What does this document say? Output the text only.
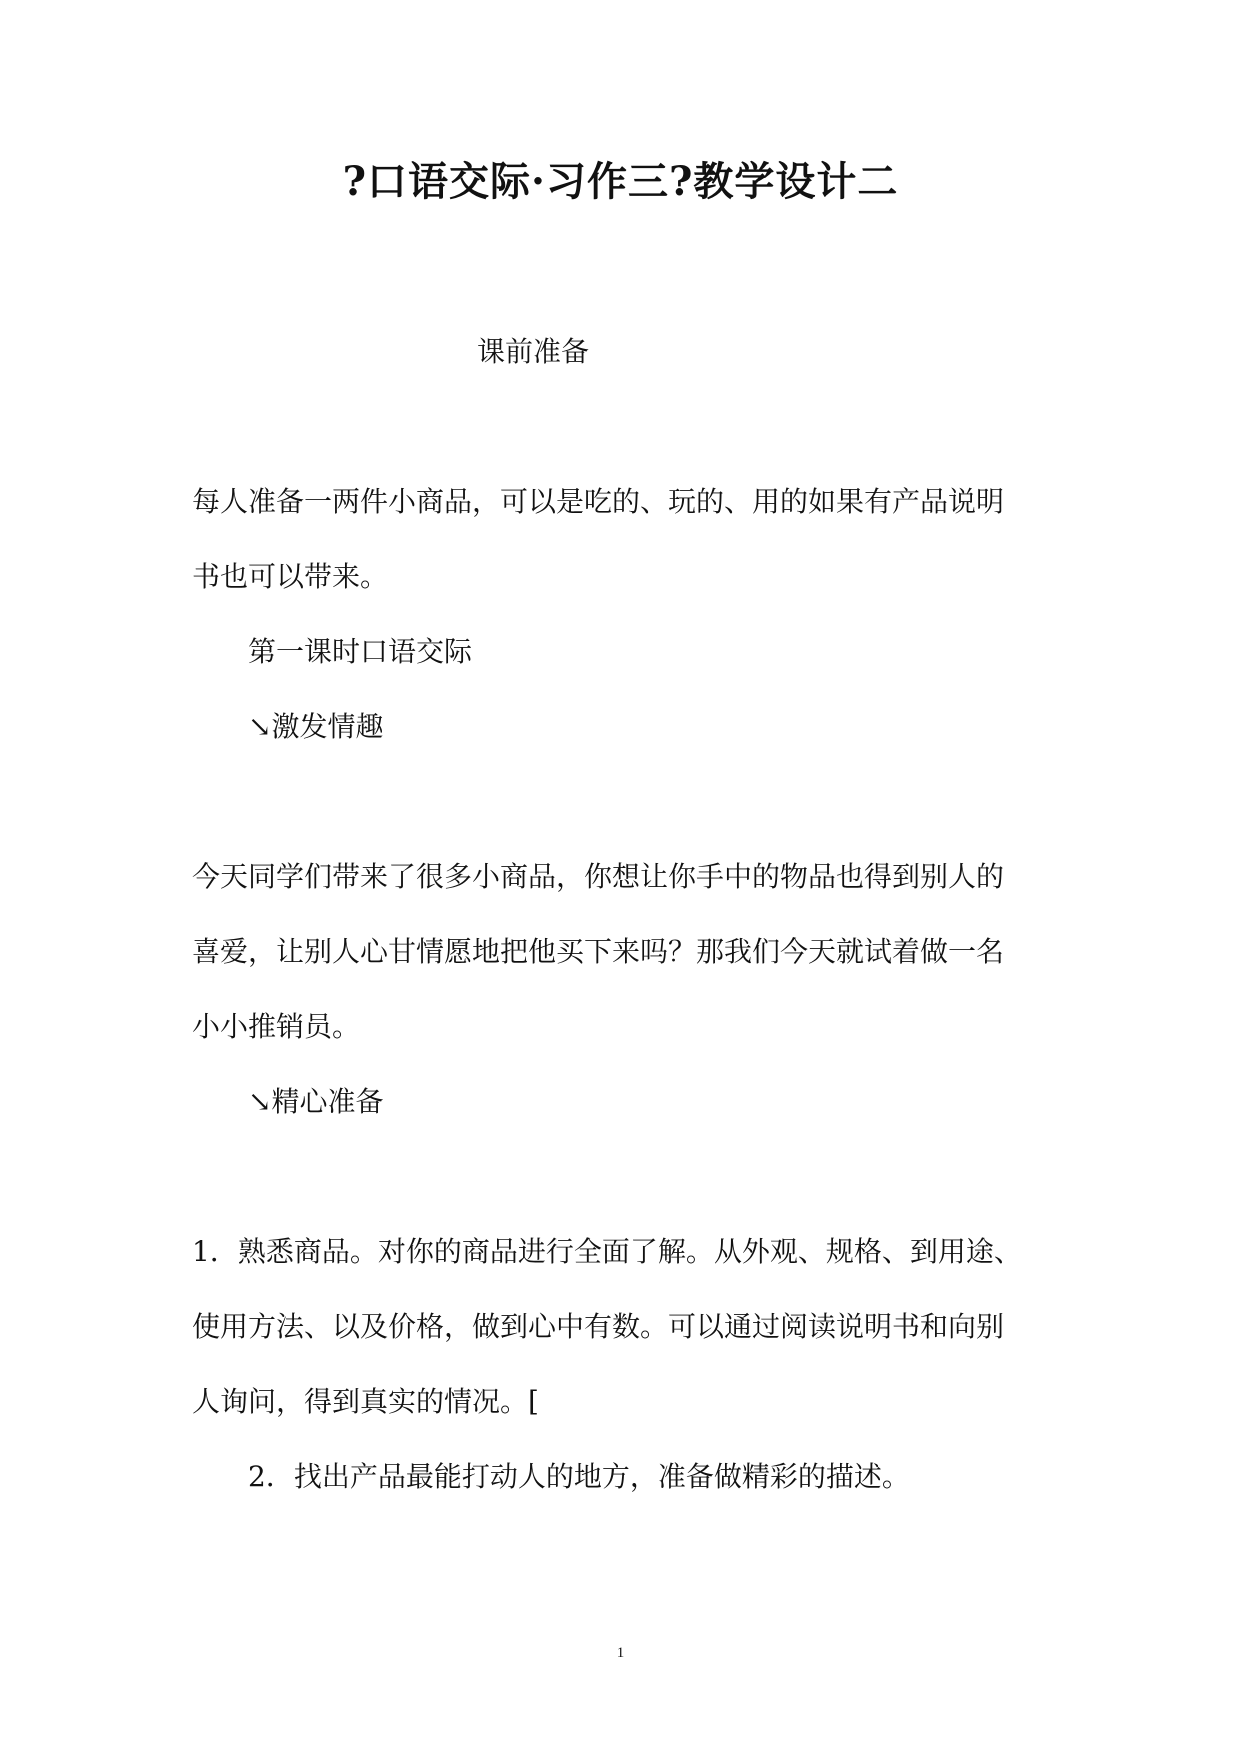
?口语交际·习作三?教学设计二
课前准备
每人准备一两件小商品，可以是吃的、玩的、用的如果有产品说明
书也可以带来。
第一课时口语交际
↘激发情趣
今天同学们带来了很多小商品，你想让你手中的物品也得到别人的
喜爱，让别人心甘情愿地把他买下来吗？那我们今天就试着做一名
小小推销员。
↘精心准备
1．熟悉商品。对你的商品进行全面了解。从外观、规格、到用途、
使用方法、以及价格，做到心中有数。可以通过阅读说明书和向别
人询问，得到真实的情况。[
2．找出产品最能打动人的地方，准备做精彩的描述。
1
